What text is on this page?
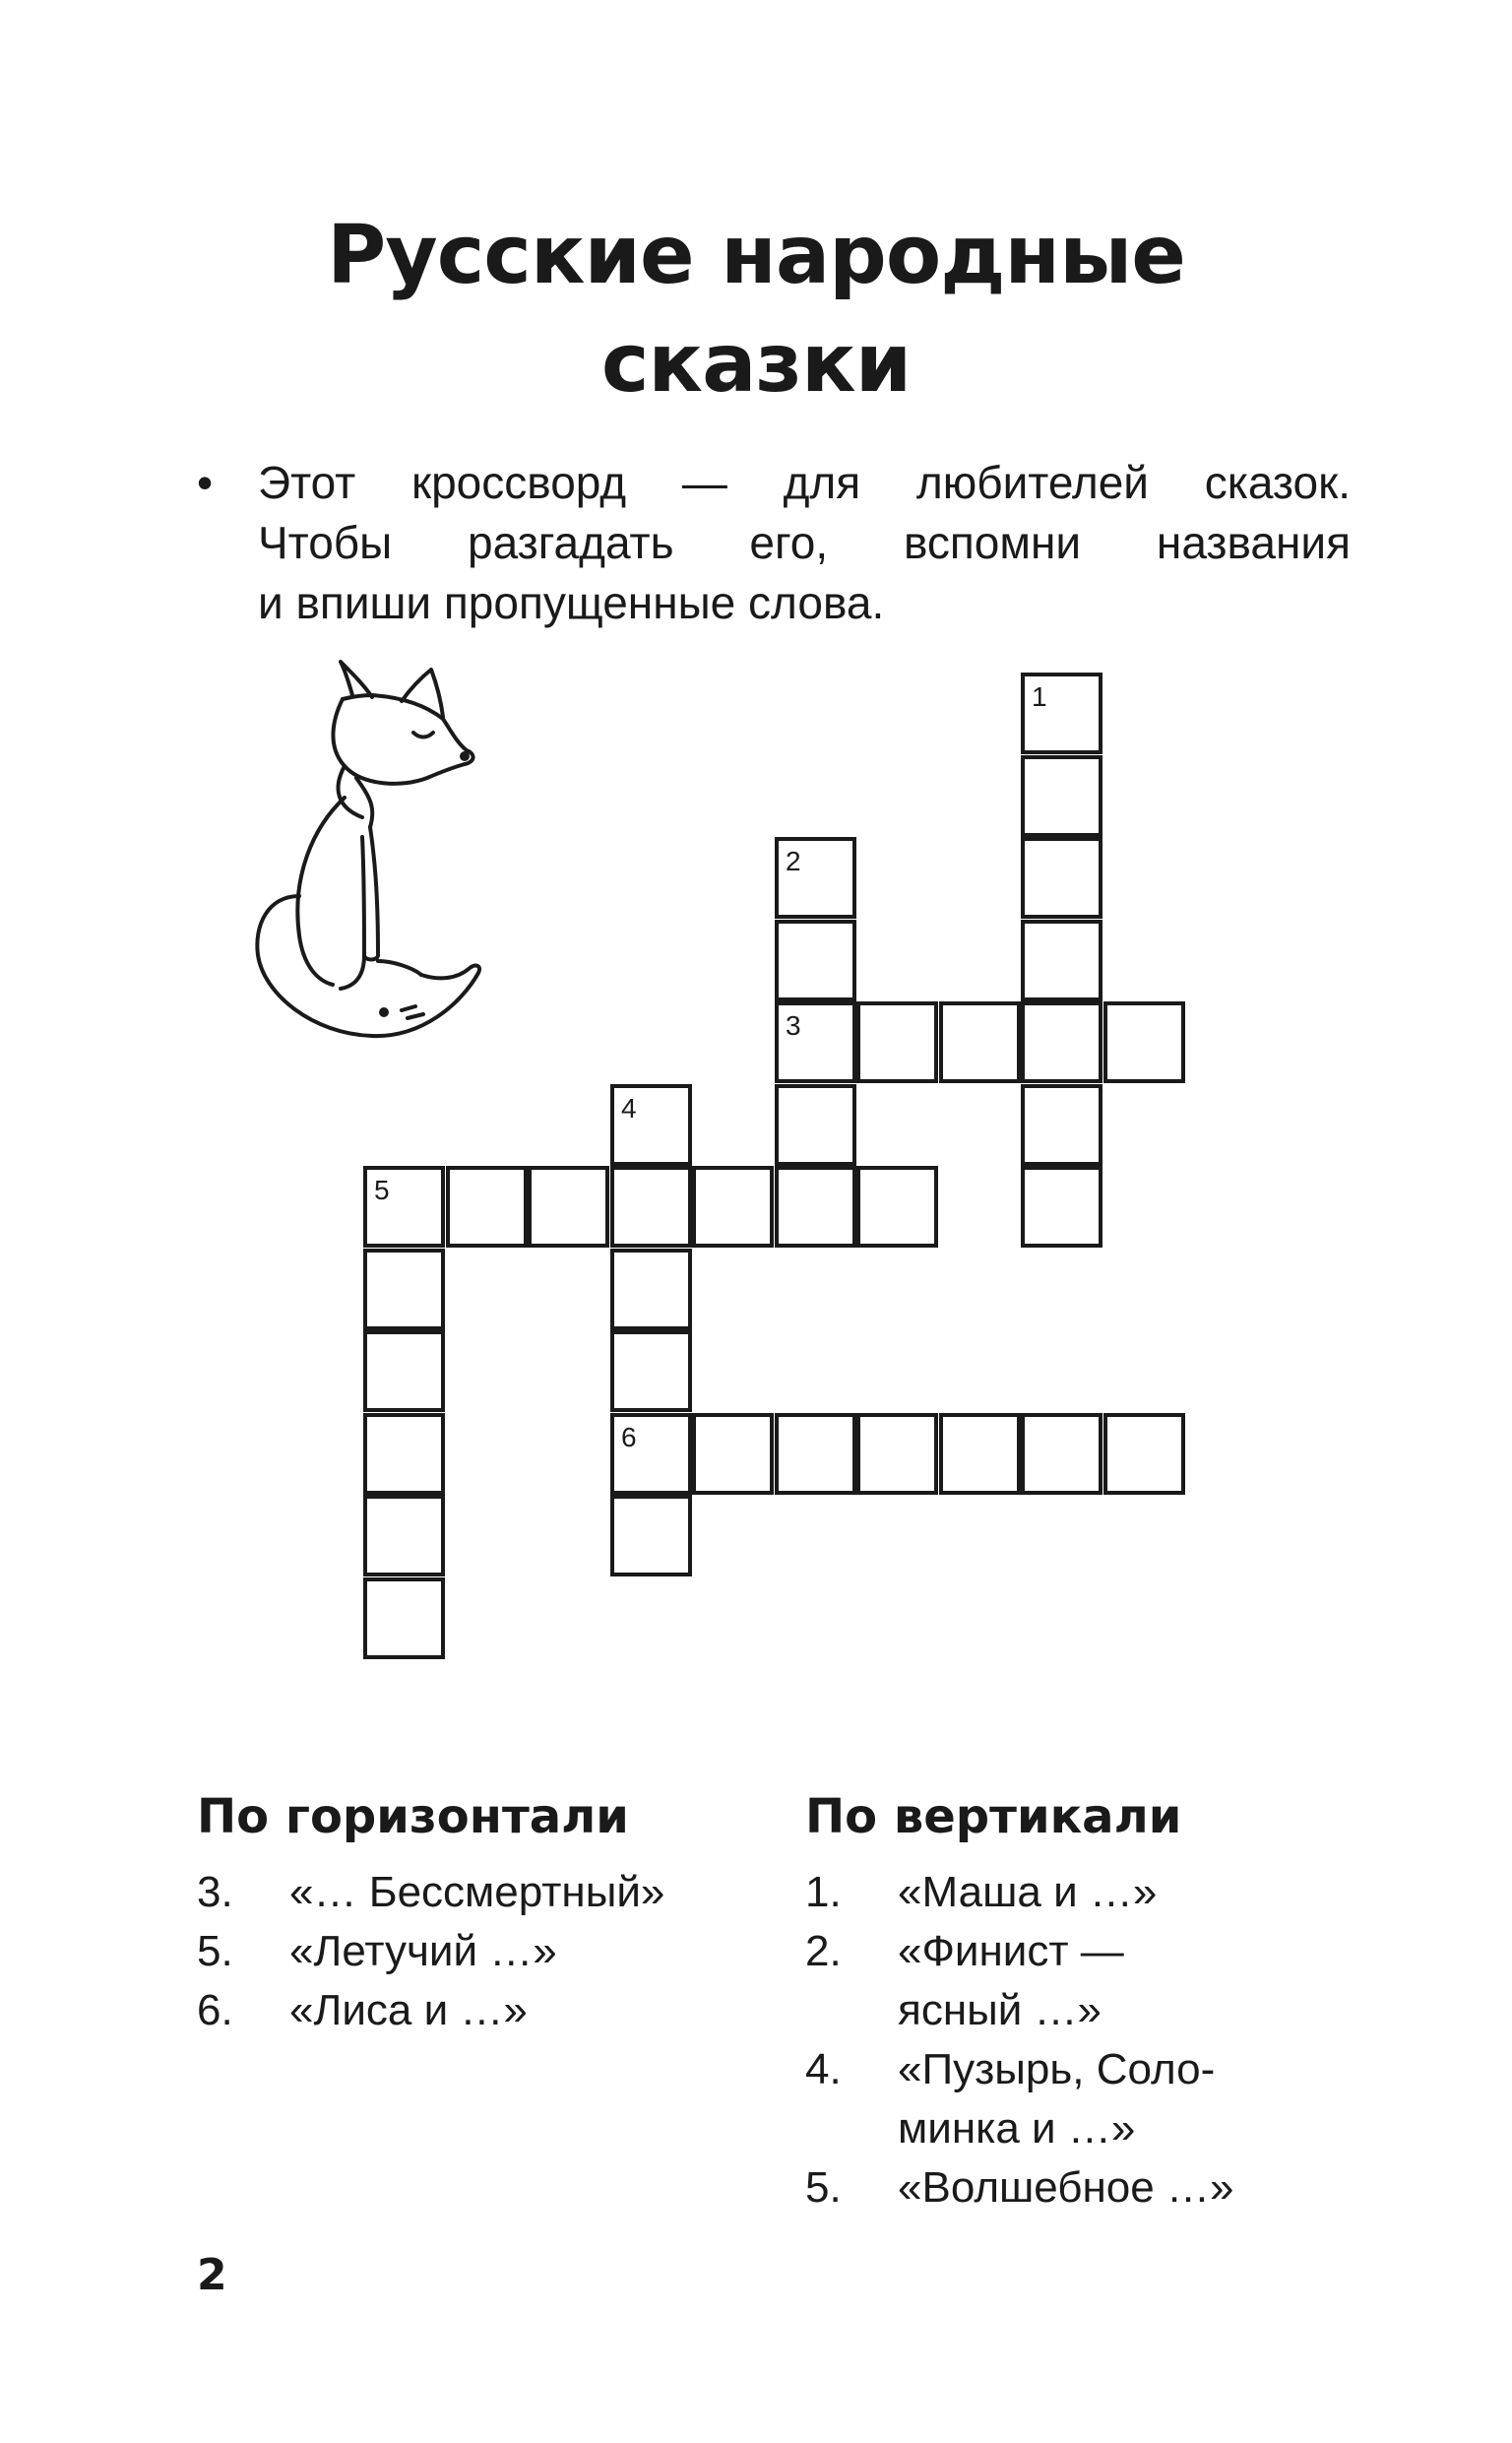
Русские народные
сказки
• Этот кроссворд — для любителей сказок.
Чтобы разгадать его, вспомни названия
и впиши пропущенные слова.
1
2
3
4
6
5
По горизонтали	По вертикали
3. «… Бессмертный»
5. «Летучий …»
6. «Лиса и …»
1. «Маша и …»
2. «Финист —
ясный …»
4. «Пузырь, Соло-
минка и …»
5. «Волшебное …»
2
